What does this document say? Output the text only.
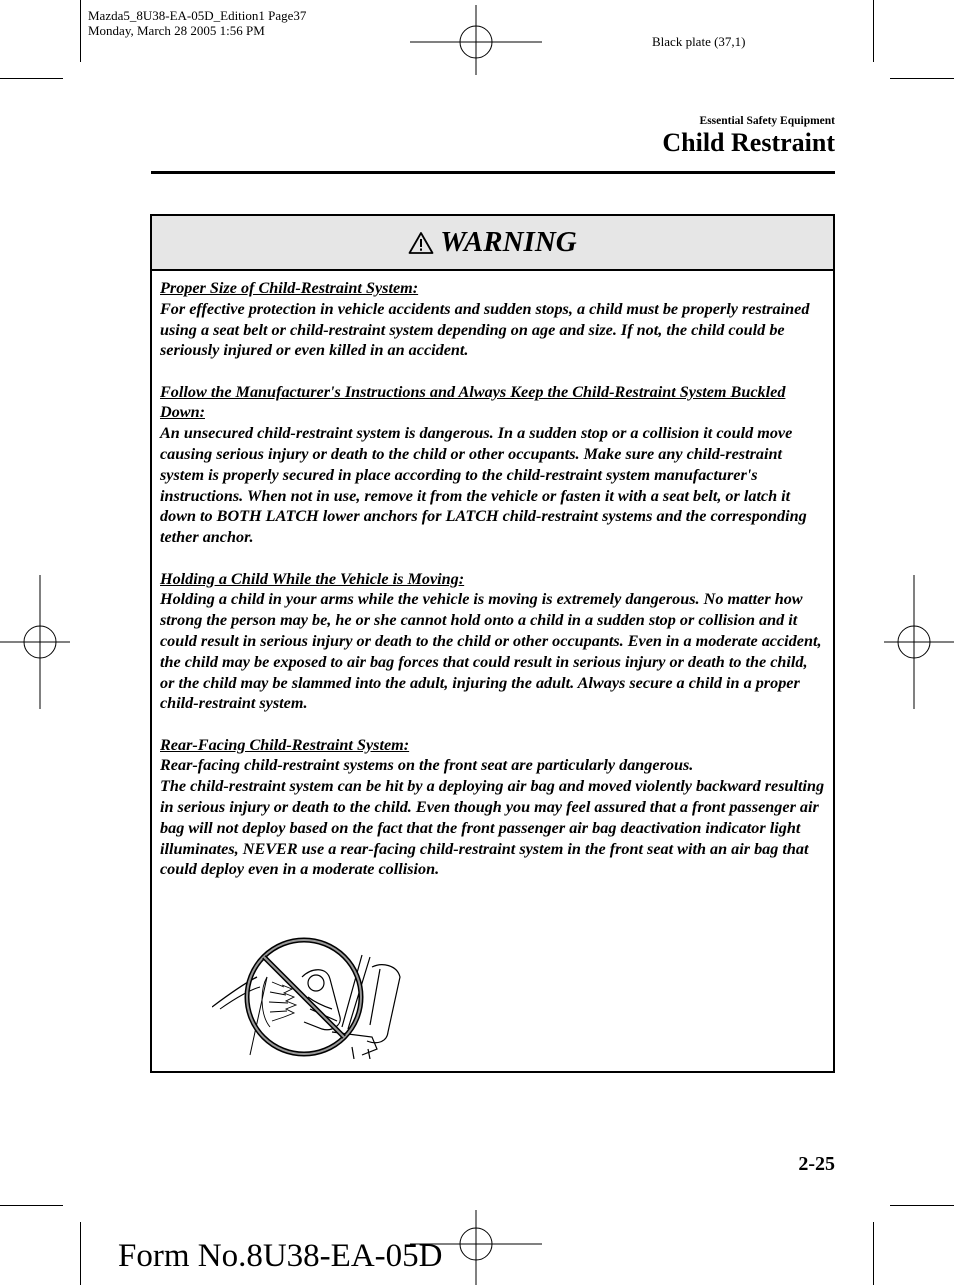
Mazda5_8U38-EA-05D_Edition1 Page37
Monday, March 28 2005 1:56 PM
Black plate (37,1)
Essential Safety Equipment
Child Restraint
WARNING
Proper Size of Child-Restraint System:
For effective protection in vehicle accidents and sudden stops, a child must be properly restrained using a seat belt or child-restraint system depending on age and size. If not, the child could be seriously injured or even killed in an accident.
Follow the Manufacturer's Instructions and Always Keep the Child-Restraint System Buckled Down:
An unsecured child-restraint system is dangerous. In a sudden stop or a collision it could move causing serious injury or death to the child or other occupants. Make sure any child-restraint system is properly secured in place according to the child-restraint system manufacturer's instructions. When not in use, remove it from the vehicle or fasten it with a seat belt, or latch it down to BOTH LATCH lower anchors for LATCH child-restraint systems and the corresponding tether anchor.
Holding a Child While the Vehicle is Moving:
Holding a child in your arms while the vehicle is moving is extremely dangerous. No matter how strong the person may be, he or she cannot hold onto a child in a sudden stop or collision and it could result in serious injury or death to the child or other occupants. Even in a moderate accident, the child may be exposed to air bag forces that could result in serious injury or death to the child, or the child may be slammed into the adult, injuring the adult. Always secure a child in a proper child-restraint system.
Rear-Facing Child-Restraint System:
Rear-facing child-restraint systems on the front seat are particularly dangerous.
The child-restraint system can be hit by a deploying air bag and moved violently backward resulting in serious injury or death to the child. Even though you may feel assured that a front passenger air bag will not deploy based on the fact that the front passenger air bag deactivation indicator light illuminates, NEVER use a rear-facing child-restraint system in the front seat with an air bag that could deploy even in a moderate collision.
2-25
Form No.8U38-EA-05D
